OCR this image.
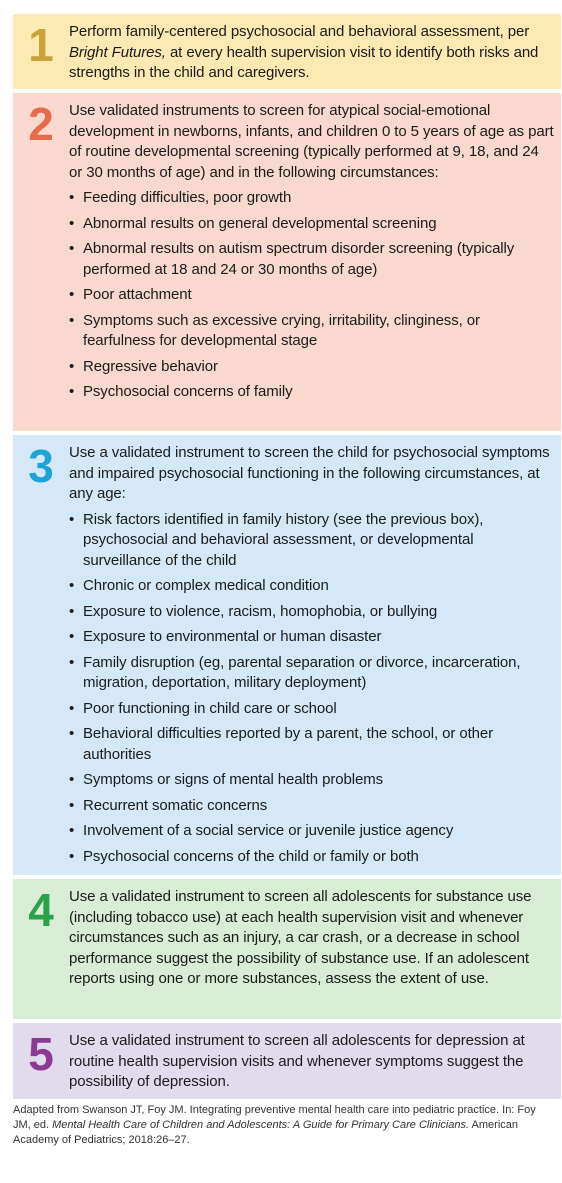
1	Perform family-centered psychosocial and behavioral assessment, per Bright Futures, at every health supervision visit to identify both risks and strengths in the child and caregivers.

2	Use validated instruments to screen for atypical social-emotional development in newborns, infants, and children 0 to 5 years of age as part of routine developmental screening (typically performed at 9, 18, and 24 or 30 months of age) and in the following circumstances:

• Feeding difficulties, poor growth
• Abnormal results on general developmental screening
• Abnormal results on autism spectrum disorder screening (typically performed at 18 and 24 or 30 months of age)
• Poor attachment
• Symptoms such as excessive crying, irritability, clinginess, or fearfulness for developmental stage
• Regressive behavior
• Psychosocial concerns of family
3	Use a validated instrument to screen the child for psychosocial symptoms and impaired psychosocial functioning in the following circumstances, at any age:

• Risk factors identified in family history (see the previous box), psychosocial and behavioral assessment, or developmental surveillance of the child
• Chronic or complex medical condition
• Exposure to violence, racism, homophobia, or bullying
• Exposure to environmental or human disaster
• Family disruption (eg, parental separation or divorce, incarceration, migration, deportation, military deployment)
• Poor functioning in child care or school
• Behavioral difficulties reported by a parent, the school, or other authorities
• Symptoms or signs of mental health problems
• Recurrent somatic concerns
• Involvement of a social service or juvenile justice agency
• Psychosocial concerns of the child or family or both
4	Use a validated instrument to screen all adolescents for substance use (including tobacco use) at each health supervision visit and whenever circumstances such as an injury, a car crash, or a decrease in school performance suggest the possibility of substance use. If an adolescent reports using one or more substances, assess the extent of use.

5	Use a validated instrument to screen all adolescents for depression at routine health supervision visits and whenever symptoms suggest the possibility of depression.

Adapted from Swanson JT, Foy JM. Integrating preventive mental health care into pediatric practice. In: Foy JM, ed. Mental Health Care of Children and Adolescents: A Guide for Primary Care Clinicians. American Academy of Pediatrics; 2018:26–27.
